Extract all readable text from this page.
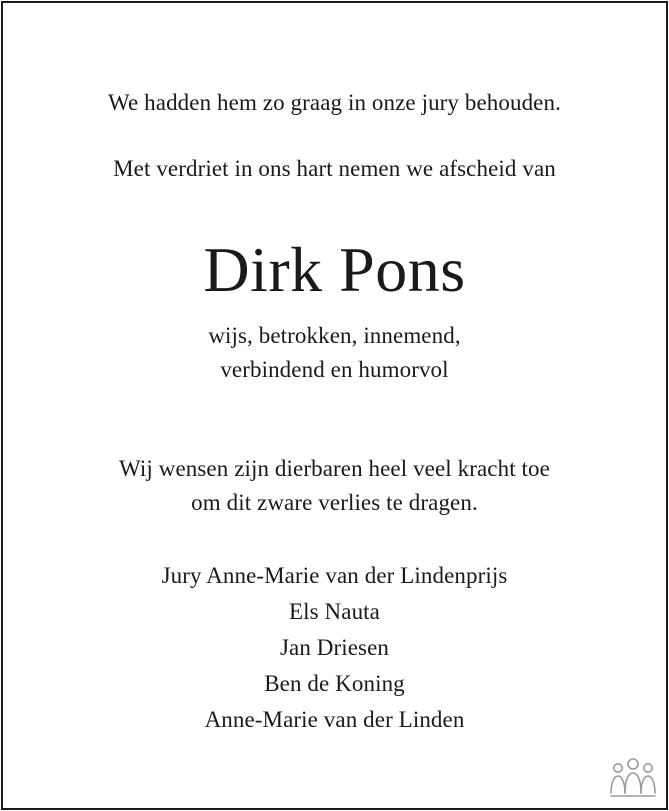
We hadden hem zo graag in onze jury behouden.
Met verdriet in ons hart nemen we afscheid van
Dirk Pons
wijs, betrokken, innemend,
verbindend en humorvol
Wij wensen zijn dierbaren heel veel kracht toe
om dit zware verlies te dragen.
Jury Anne-Marie van der Lindenprijs
Els Nauta
Jan Driesen
Ben de Koning
Anne-Marie van der Linden
